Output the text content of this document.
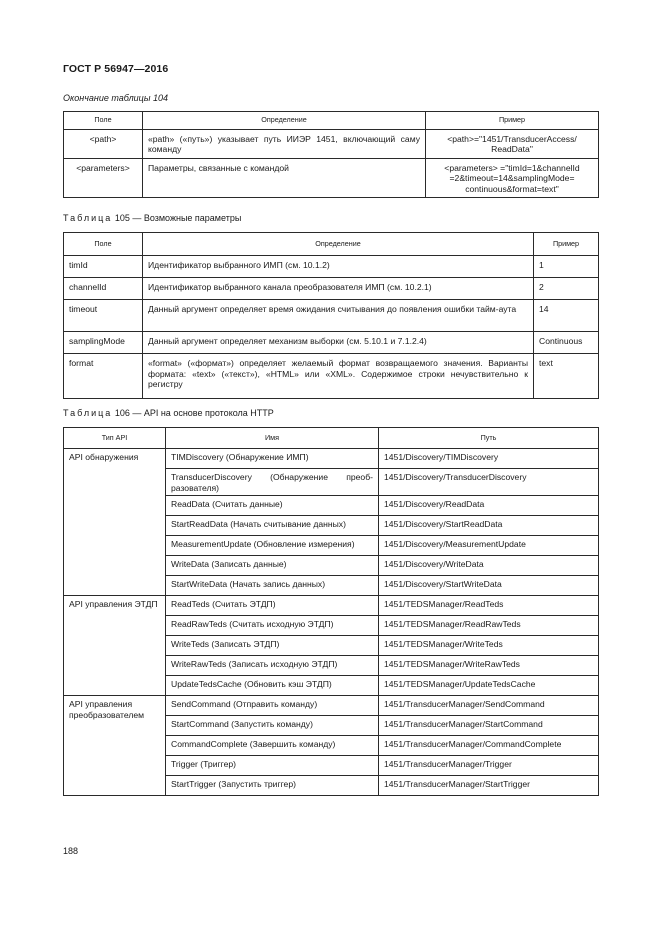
ГОСТ Р 56947—2016
Окончание таблицы 104
Поле	Определение	Пример
<path>	«path» («путь») указывает путь ИИЭР 1451, включающий саму команду	<path>="1451/TransducerAccess/ ReadData"
<parameters>	Параметры, связанные с командой	<parameters> ="timId=1&channelId =2&timeout=14&samplingMode= continuous&format=text"
Таблица 105 — Возможные параметры
Поле	Определение	Пример
timId	Идентификатор выбранного ИМП (см. 10.1.2)	1
channelId	Идентификатор выбранного канала преобразователя ИМП (см. 10.2.1)	2
timeout	Данный аргумент определяет время ожидания считывания до появления ошибки тайм-аута	14
samplingMode	Данный аргумент определяет механизм выборки (см. 5.10.1 и 7.1.2.4)	Continuous
format	«format» («формат») определяет желаемый формат возвращаемого значения. Варианты формата: «text» («текст»), «HTML» или «XML». Содержимое строки нечувствительно к регистру	text
Таблица 106 — API на основе протокола HTTP
Тип API	Имя	Путь
API обнаружения	TIMDiscovery (Обнаружение ИМП)	1451/Discovery/TIMDiscovery
	TransducerDiscovery (Обнаружение преоб-разователя)	1451/Discovery/TransducerDiscovery
	ReadData (Считать данные)	1451/Discovery/ReadData
	StartReadData (Начать считывание данных)	1451/Discovery/StartReadData
	MeasurementUpdate (Обновление измерения)	1451/Discovery/MeasurementUpdate
	WriteData (Записать данные)	1451/Discovery/WriteData
	StartWriteData (Начать запись данных)	1451/Discovery/StartWriteData
API управления ЭТДП	ReadTeds (Считать ЭТДП)	1451/TEDSManager/ReadTeds
	ReadRawTeds (Считать исходную ЭТДП)	1451/TEDSManager/ReadRawTeds
	WriteTeds (Записать ЭТДП)	1451/TEDSManager/WriteTeds
	WriteRawTeds (Записать исходную ЭТДП)	1451/TEDSManager/WriteRawTeds
	UpdateTedsCache (Обновить кэш ЭТДП)	1451/TEDSManager/UpdateTedsCache
API управления преобразователем	SendCommand (Отправить команду)	1451/TransducerManager/SendCommand
	StartCommand (Запустить команду)	1451/TransducerManager/StartCommand
	CommandComplete (Завершить команду)	1451/TransducerManager/CommandComplete
	Trigger (Триггер)	1451/TransducerManager/Trigger
	StartTrigger (Запустить триггер)	1451/TransducerManager/StartTrigger
188
